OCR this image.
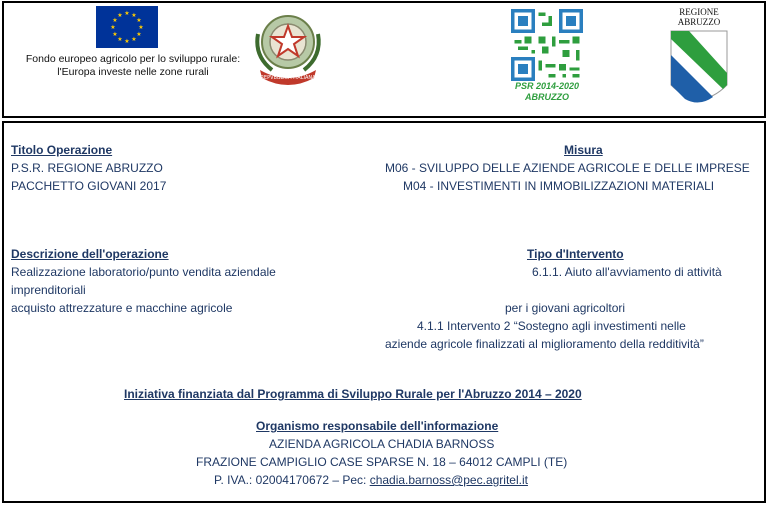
★ ★
★
★
★
★
★
★
★
★
★
★
Fondo europeo agricolo per lo sviluppo rurale:
l'Europa investe nelle zone rurali	REPVBBLICA ITALIANA
PSR 2014-2020
ABRUZZO
REGIONE
ABRUZZO
Titolo Operazione
P.S.R. REGIONE ABRUZZO
PACCHETTO GIOVANI 2017
Misura
M06 - SVILUPPO DELLE AZIENDE AGRICOLE E DELLE IMPRESE
M04 - INVESTIMENTI IN IMMOBILIZZAZIONI MATERIALI
Descrizione dell'operazione
Realizzazione laboratorio/punto vendita aziendale
imprenditoriali
acquisto attrezzature e macchine agricole
Tipo d'Intervento
6.1.1. Aiuto all'avviamento di attività
per i giovani agricoltori
4.1.1 Intervento 2 “Sostegno agli investimenti nelle
aziende agricole finalizzati al miglioramento della redditività”
Iniziativa finanziata dal Programma di Sviluppo Rurale per l'Abruzzo 2014 – 2020
Organismo responsabile dell'informazione
AZIENDA AGRICOLA CHADIA BARNOSS
FRAZIONE CAMPIGLIO CASE SPARSE N. 18 – 64012 CAMPLI (TE)
P. IVA.: 02004170672 – Pec: chadia.barnoss@pec.agritel.it
